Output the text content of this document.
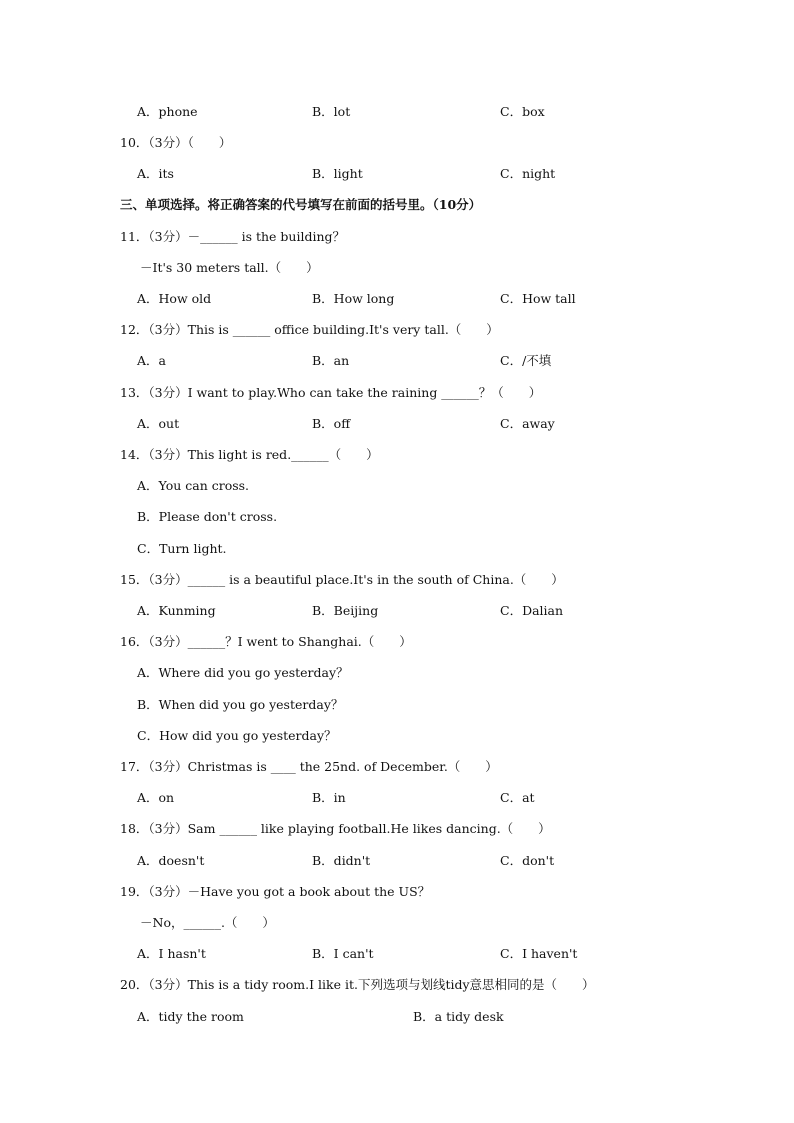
A．phone	B．lot	C．box
10．（3分）（　　）
A．its	B．light	C．night
三、单项选择。将正确答案的代号填写在前面的括号里。（10分）
11．（3分）－______ is the building？
－It's 30 meters tall.（　　）
A．How old	B．How long	C．How tall
12．（3分）This is ______ office building.It's very tall.（　　）
A．a	B．an	C．/不填
13．（3分）I want to play.Who can take the raining ______？（　　）
A．out	B．off	C．away
14．（3分）This light is red.______（　　）
A．You can cross.
B．Please don't cross.
C．Turn light.
15．（3分）______ is a beautiful place.It's in the south of China.（　　）
A．Kunming	B．Beijing	C．Dalian
16．（3分）______？I went to Shanghai.（　　）
A．Where did you go yesterday？
B．When did you go yesterday？
C．How did you go yesterday？
17．（3分）Christmas is ____ the 25nd. of December.（　　）
A．on	B．in	C．at
18．（3分）Sam ______ like playing football.He likes dancing.（　　）
A．doesn't	B．didn't	C．don't
19．（3分）－Have you got a book about the US？
－No，______.（　　）
A．I hasn't	B．I can't	C．I haven't
20．（3分）This is a tidy room.I like it.下列选项与划线tidy意思相同的是（　　）
A．tidy the room	B．a tidy desk
